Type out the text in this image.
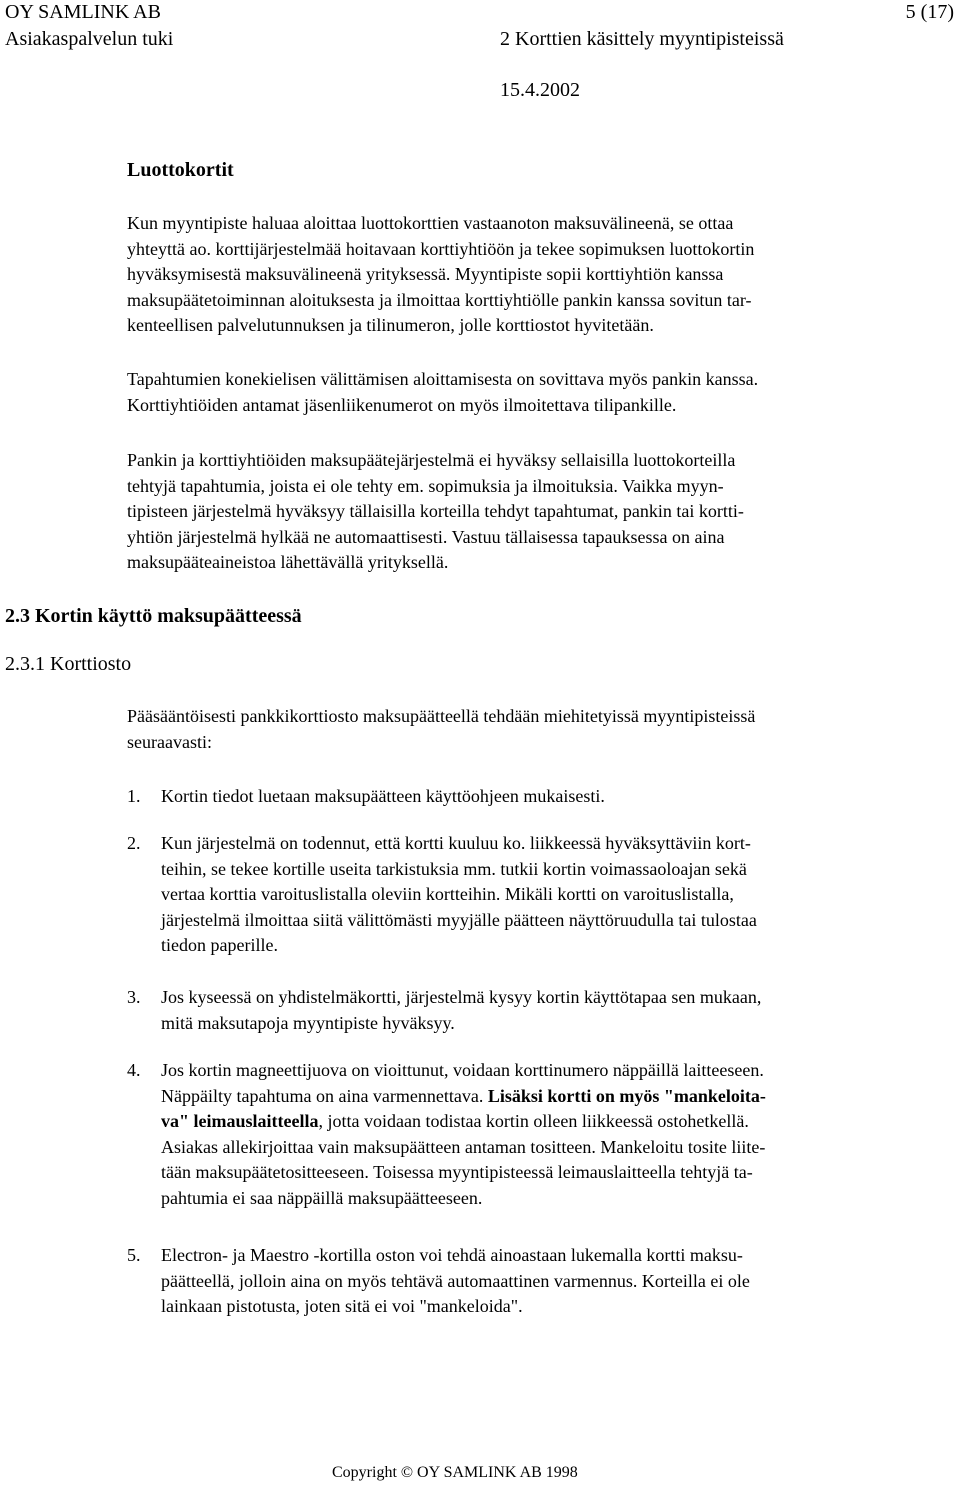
OY SAMLINK AB	5 (17)
Asiakaspalvelun tuki	2 Korttien käsittely myyntipisteissä
15.4.2002
Luottokortit
Kun myyntipiste haluaa aloittaa luottokorttien vastaanoton maksuvälineenä, se ottaa
yhteyttä ao. korttijärjestelmää hoitavaan korttiyhtiöön ja tekee sopimuksen luottokortin
hyväksymisestä maksuvälineenä yrityksessä. Myyntipiste sopii korttiyhtiön kanssa
maksupäätetoiminnan aloituksesta ja ilmoittaa korttiyhtiölle pankin kanssa sovitun tar-
kenteellisen palvelutunnuksen ja tilinumeron, jolle korttiostot hyvitetään.
Tapahtumien konekielisen välittämisen aloittamisesta on sovittava myös pankin kanssa.
Korttiyhtiöiden antamat jäsenliikenumerot on myös ilmoitettava tilipankille.
Pankin ja korttiyhtiöiden maksupäätejärjestelmä ei hyväksy sellaisilla luottokorteilla
tehtyjä tapahtumia, joista ei ole tehty em. sopimuksia ja ilmoituksia. Vaikka myyn-
tipisteen järjestelmä hyväksyy tällaisilla korteilla tehdyt tapahtumat, pankin tai kortti-
yhtiön järjestelmä hylkää ne automaattisesti. Vastuu tällaisessa tapauksessa on aina
maksupääteaineistoa lähettävällä yrityksellä.
2.3 Kortin käyttö maksupäätteessä
2.3.1 Korttiosto
Pääsääntöisesti pankkikorttiosto maksupäätteellä tehdään miehitetyissä myyntipisteissä
seuraavasti:
1. Kortin tiedot luetaan maksupäätteen käyttöohjeen mukaisesti.
2. Kun järjestelmä on todennut, että kortti kuuluu ko. liikkeessä hyväksyttäviin kort-
teihin, se tekee kortille useita tarkistuksia mm. tutkii kortin voimassaoloajan sekä
vertaa korttia varoituslistalla oleviin kortteihin. Mikäli kortti on varoituslistalla,
järjestelmä ilmoittaa siitä välittömästi myyjälle päätteen näyttöruudulla tai tulostaa
tiedon paperille.
3. Jos kyseessä on yhdistelmäkortti, järjestelmä kysyy kortin käyttötapaa sen mukaan,
mitä maksutapoja myyntipiste hyväksyy.
4. Jos kortin magneettijuova on vioittunut, voidaan korttinumero näppäillä laitteeseen.
Näppäilty tapahtuma on aina varmennettava. Lisäksi kortti on myös "mankeloita-
va" leimauslaitteella, jotta voidaan todistaa kortin olleen liikkeessä ostohetkellä.
Asiakas allekirjoittaa vain maksupäätteen antaman tositteen. Mankeloitu tosite liite-
tään maksupäätetositteeseen. Toisessa myyntipisteessä leimauslaitteella tehtyjä ta-
pahtumia ei saa näppäillä maksupäätteeseen.
5. Electron- ja Maestro -kortilla oston voi tehdä ainoastaan lukemalla kortti maksu-
päätteellä, jolloin aina on myös tehtävä automaattinen varmennus. Korteilla ei ole
lainkaan pistotusta, joten sitä ei voi "mankeloida".
Copyright © OY SAMLINK AB 1998
